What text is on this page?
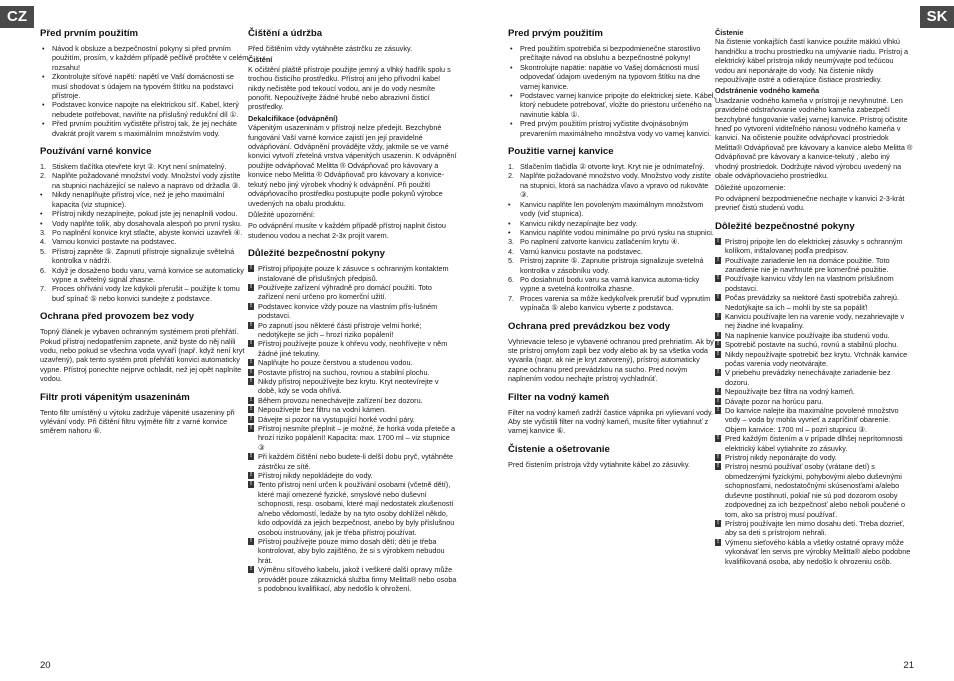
CZ	SK
Před prvním použitím
• Návod k obsluze a bezpečnostní pokyny si před prvním použitím, prosím, v každém případě pečlivě pročtěte v celém rozsahu!
• Zkontrolujte síťové napětí: napětí ve Vaší domácnosti se musí shodovat s údajem na typovém štítku na podstavci přístroje.
• Podstavec konvice napojte na elektrickou síť. Kabel, který nebudete potřebovat, naviňte na příslušný redukční díl ①.
• Před prvním použitím vyčistěte přístroj tak, že jej necháte dvakrát projít varem s maximálním množstvím vody.
Používání varné konvice
1. Stiskem tlačítka otevřete kryt ②. Kryt není snímatelný.
2. Naplňte požadované množství vody. Množství vody zjistíte na stupnici nacházející se nalevo a napravo od držadla ③.
• Nikdy nenaplňujte přístroj více, než je jeho maximální kapacita (viz stupnice).
• Přístroj nikdy nezapínejte, pokud jste jej nenaplnili vodou.
• Vody naplňte tolik, aby dosahovala alespoň po první rysku.
3. Po naplnění konvice kryt stlačte, abyste konvici uzavřeli ④.
4. Varnou konvici postavte na podstavec.
5. Přístroj zapněte ⑤. Zapnutí přístroje signalizuje světelná kontrolka v nádrži.
6. Když je dosaženo bodu varu, varná konvice se automaticky vypne a světelný signál zhasne.
7. Proces ohřívání vody lze kdykoli přerušit – použijte k tomu buď spínač ⑤ nebo konvici sundejte z podstavce.
Ochrana před provozem bez vody

Topný článek je vybaven ochranným systémem proti přehřátí. Pokud přístroj nedopatřením zapnete, aniž byste do něj nalili vodu, nebo pokud se všechna voda vyvaří (např. když není kryt uzavřený), pak tento systém proti přehřátí konvici automaticky vypne. Přístroj ponechte nejprve ochladit, než jej opět naplníte vodou.

Filtr proti vápenitým usazeninám

Tento filtr umístěný u výtoku zadržuje vápenité usazeniny při vylévání vody. Při čištění filtru vyjměte filtr z varné konvice směrem nahoru ⑥.

Čištění a údržba

Před čištěním vždy vytáhněte zástrčku ze zásuvky.

Čištění

K očištění pláště přístroje použijte jemný a vlhký hadřík spolu s trochou čisticího prostředku. Přístroj ani jeho přívodní kabel nikdy nečistěte pod tekoucí vodou, ani je do vody nesmíte ponořit. Nepoužívejte žádné hrubé nebo abrazivní čisticí prostředky.

Dekalcifikace (odvápnění)

Vápenitým usazeninám v přístroji nelze předejít. Bezchybné fungování Vaší varné konvice zajistí jen její pravidelné odvápňování. Odvápnění provádějte vždy, jakmile se ve varné konvici vytvoří zřetelná vrstva vápenitých usazenin. K odvápnění použijte odvápňovač Melitta ® Odvápňovač pro kávovary a konvice nebo Melitta ® Odvápňovač pro kávovary a konvice-tekutý nebo jiný výrobek vhodný k odvápnění. Při použití odvápňovacího prostředku postupujte podle pokynů výrobce uvedených na obalu produktu.

Důležité upozornění:

Po odvápnění musíte v každém případě přístroj naplnit čistou studenou vodou a nechat 2-3x projít varem.

Důležité bezpečnostní pokyny
! Přístroj připojujte pouze k zásuvce s ochranným kontaktem instalované dle příslušných předpisů.
! Používejte zařízení výhradně pro domácí použití. Toto zařízení není určeno pro komerční užití.
! Podstavec konvice vždy pouze na vlastním přís-lušném podstavci.
! Po zapnutí jsou některé části přístroje velmi horké; nedotýkejte se jich – hrozí riziko popálení!
! Přístroj používejte pouze k ohřevu vody, neohřívejte v něm žádné jiné tekutiny.
! Naplňujte ho pouze čerstvou a studenou vodou.
! Postavte přístroj na suchou, rovnou a stabilní plochu.
! Nikdy přístroj nepoužívejte bez krytu. Kryt neotevírejte v době, kdy se voda ohřívá.
! Během provozu nenechávejte zařízení bez dozoru.
! Nepoužívejte bez filtru na vodní kámen.
! Dávejte si pozor na vystupující horké vodní páry.
! Přístroj nesmíte přeplnit – je možné, že horká voda přeteče a hrozí riziko popálení! Kapacita: max. 1700 ml – viz stupnice ③
! Při každém čištění nebo budete-li delší dobu pryč, vytáhněte zástrčku ze sítě.
! Přístroj nikdy nepokládejte do vody.
! Tento přístroj není určen k používání osobami (včetně dětí), které mají omezené fyzické, smyslové nebo duševní schopnosti, resp. osobami, které mají nedostatek zkušeností a/nebo vědomostí, ledaže by na tyto osoby dohlížel někdo, kdo odpovídá za jejich bezpečnost, anebo by byly příslušnou osobou instruovány, jak je třeba přístroj používat.
! Přístroj používejte pouze mimo dosah dětí; děti je třeba kontrolovat, aby bylo zajištěno, že si s výrobkem nebudou hrát.
! Výměnu síťového kabelu, jakož i veškeré další opravy může provádět pouze zákaznická služba firmy Melitta® nebo osoba s podobnou kvalifikací, aby nedošlo k ohrožení.
Pred prvým použitím
• Pred použitím spotrebiča si bezpodmienečne starostlivo prečítajte návod na obsluhu a bezpečnostné pokyny!
• Skontrolujte napätie: napätie vo Vašej domácnosti musí odpovedať údajom uvedeným na typovom štítku na dne varnej kanvice.
• Podstavec varnej kanvice pripojte do elektrickej siete. Kábel, ktorý nebudete potrebovať, vložte do priestoru určeného na navinutie kábla ①.
• Pred prvým použitím prístroj vyčistite dvojnásobným prevarením maximálneho množstva vody vo varnej kanvici.
Použitie varnej kanvice
1. Stlačením tlačidla ② otvorte kryt. Kryt nie je odnímateľný.
2. Naplňte požadované množstvo vody. Množstvo vody zistíte na stupnici, ktorá sa nachádza vľavo a vpravo od rukoväte ③.
• Kanvicu naplňte len povoleným maximálnym množstvom vody (viď stupnica).
• Kanvicu nikdy nezapínajte bez vody.
• Kanvicu naplňte vodou minimálne po prvú rysku na stupnici.
3. Po naplnení zatvorte kanvicu zatlačením krytu ④.
4. Varnú kanvicu postavte na podstavec.
5. Prístroj zapnite ⑤. Zapnutie prístroja signalizuje svetelná kontrolka v zásobníku vody.
6. Po dosiahnutí bodu varu sa varná kanvica automa-ticky vypne a svetelná kontrolka zhasne.
7. Proces varenia sa môže kedykoľvek prerušiť buď vypnutím vypínača ⑤ alebo kanvicu vyberte z podstavca.
Ochrana pred prevádzkou bez vody

Vyhrievacie teleso je vybavené ochranou pred prehriatím. Ak by ste prístroj omylom zapli bez vody alebo ak by sa všetka voda vyvarila (napr. ak nie je kryt zatvorený), prístroj automaticky zapne ochranu pred prevádzkou na sucho. Pred novým naplnením vodou nechajte prístroj vychladnúť.

Filter na vodný kameň

Filter na vodný kameň zadrží častice vápnika pri vylievaní vody. Aby ste vyčistili filter na vodný kameň, musíte filter vytiahnuť z varnej kanvice ⑥.

Čistenie a ošetrovanie

Pred čistením prístroja vždy vytiahnite kábel zo zásuvky.

Čistenie

Na čistenie vonkajších častí kanvice použite mäkkú vlhkú handričku a trochu prostriedku na umývanie riadu. Prístroj a elektrický kábel prístroja nikdy neumývajte pod tečúcou vodou ani neponárajte do vody. Na čistenie nikdy nepoužívajte ostré a odierajúce čistiace prostriedky.

Odstránenie vodného kameňa

Usadzanie vodného kameňa v prístroji je nevyhnutné. Len pravidelné odstraňovanie vodného kameňa zabezpečí bezchybné fungovanie vašej varnej kanvice. Prístroj očistite hneď po vytvorení viditeľného nánosu vodného kameňa v kanvici. Na očistenie použite odvápňovací prostriedok Melitta® Odvápňovač pre kávovary a kanvice alebo Melitta ® Odvápňovač pre kávovary a kanvice-tekutý , alebo iný vhodný prostriedok. Dodržujte návod výrobcu uvedený na obale odvápňovacieho prostriedku.

Dôležité upozornenie:

Po odvápnení bezpodmienečne nechajte v kanvici 2-3-krát prevrieť čistú studenú vodu.

Dôležité bezpečnostné pokyny
! Prístroj pripojte len do elektrickej zásuvky s ochranným kolíkom, inštalovanej podľa predpisov.
! Používajte zariadenie len na domáce použitie. Toto zariadenie nie je navrhnuté pre komerčné použitie.
! Používajte kanvicu vždy len na vlastnom príslušnom podstavci.
! Počas prevádzky sa niektoré časti spotrebiča zahrejú. Nedotýkajte sa ich – mohli by ste sa popáliť!
! Kanvicu používajte len na varenie vody, nezahrievajte v nej žiadne iné kvapaliny.
! Na naplnenie kanvice používajte iba studenú vodu.
! Spotrebič postavte na suchú, rovnú a stabilnú plochu.
! Nikdy nepoužívajte spotrebič bez krytu. Vrchnák kanvice počas varenia vody neotvárajte.
! V priebehu prevádzky nenechávajte zariadenie bez dozoru.
! Nepoužívajte bez filtra na vodný kameň.
! Dávajte pozor na horúcu paru.
! Do kanvice nalejte iba maximálne povolené množstvo vody – voda by mohla vyvrieť a zapríčiniť obarenie. Objem kanvice: 1700 ml – pozri stupnicu ③.
! Pred každým čistením a v prípade dlhšej neprítomnosti elektrický kábel vytiahnite zo zásuvky.
! Prístroj nikdy neponárajte do vody.
! Prístroj nesmú používať osoby (vrátane detí) s obmedzenými fyzickými, pohybovými alebo duševnými schopnosťami, nedostatočnými skúsenosťami a/alebo duševne postihnutí, pokiaľ nie sú pod dozorom osoby zodpovednej za ich bezpečnosť alebo neboli poučené o tom, ako sa prístroj musí používať.
! Prístroj používajte len mimo dosahu detí. Treba dozrieť, aby sa deti s prístrojom nehrali.
! Výmenu sieťového kábla a všetky ostatné opravy môže vykonávať len servis pre výrobky Melitta® alebo podobne kvalifikovaná osoba, aby nedošlo k ohrozeniu osôb.
20	21
